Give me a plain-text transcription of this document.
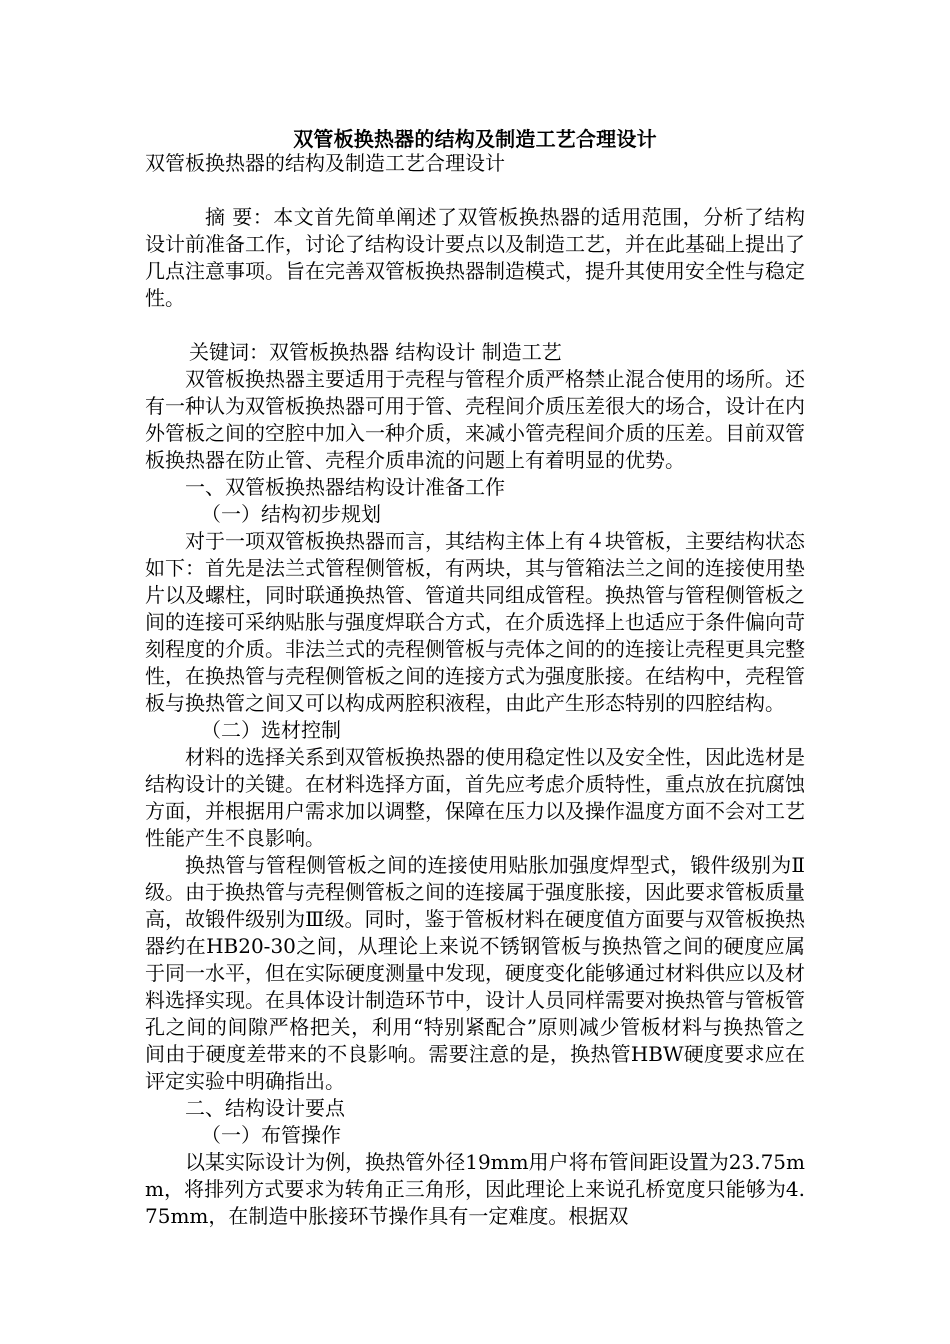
双管板换热器的结构及制造工艺合理设计

双管板换热器的结构及制造工艺合理设计

摘 要：本文首先简单阐述了双管板换热器的适用范围，分析了结构设计前准备工作，讨论了结构设计要点以及制造工艺，并在此基础上提出了几点注意事项。旨在完善双管板换热器制造模式，提升其使用安全性与稳定性。

关键词：双管板换热器 结构设计 制造工艺

双管板换热器主要适用于壳程与管程介质严格禁止混合使用的场所。还有一种认为双管板换热器可用于管、壳程间介质压差很大的场合，设计在内外管板之间的空腔中加入一种介质，来减小管壳程间介质的压差。目前双管板换热器在防止管、壳程介质串流的问题上有着明显的优势。

一、双管板换热器结构设计准备工作

（一）结构初步规划

对于一项双管板换热器而言，其结构主体上有４块管板，主要结构状态如下：首先是法兰式管程侧管板，有两块，其与管箱法兰之间的连接使用垫片以及螺柱，同时联通换热管、管道共同组成管程。换热管与管程侧管板之间的连接可采纳贴胀与强度焊联合方式，在介质选择上也适应于条件偏向苛刻程度的介质。非法兰式的壳程侧管板与壳体之间的的连接让壳程更具完整性，在换热管与壳程侧管板之间的连接方式为强度胀接。在结构中，壳程管板与换热管之间又可以构成两腔积液程，由此产生形态特别的四腔结构。

（二）选材控制

材料的选择关系到双管板换热器的使用稳定性以及安全性，因此选材是结构设计的关键。在材料选择方面，首先应考虑介质特性，重点放在抗腐蚀方面，并根据用户需求加以调整，保障在压力以及操作温度方面不会对工艺性能产生不良影响。

换热管与管程侧管板之间的连接使用贴胀加强度焊型式，锻件级别为Ⅱ级。由于换热管与壳程侧管板之间的连接属于强度胀接，因此要求管板质量高，故锻件级别为Ⅲ级。同时，鉴于管板材料在硬度值方面要与双管板换热器约在HB20-30之间，从理论上来说不锈钢管板与换热管之间的硬度应属于同一水平，但在实际硬度测量中发现，硬度变化能够通过材料供应以及材料选择实现。在具体设计制造环节中，设计人员同样需要对换热管与管板管孔之间的间隙严格把关，利用“特别紧配合”原则减少管板材料与换热管之间由于硬度差带来的不良影响。需要注意的是，换热管HBW硬度要求应在评定实验中明确指出。

二、结构设计要点

（一）布管操作

以某实际设计为例，换热管外径19mm用户将布管间距设置为23.75mm，将排列方式要求为转角正三角形，因此理论上来说孔桥宽度只能够为4.75mm，在制造中胀接环节操作具有一定难度。根据双
